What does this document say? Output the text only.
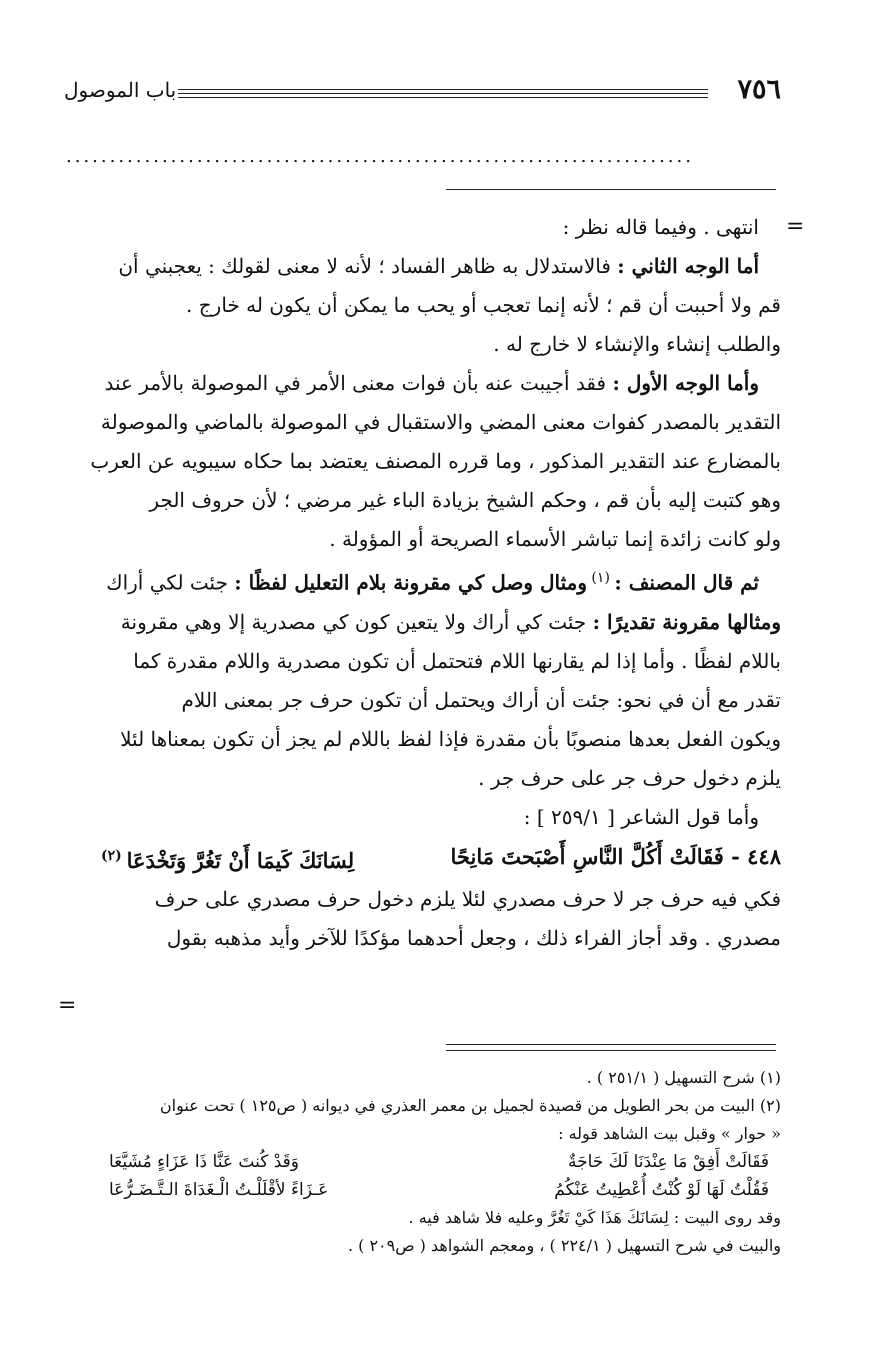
٧٥٦
باب الموصول
........................................................................
=
=
انتهى . وفيما قاله نظر :
أما الوجه الثاني : فالاستدلال به ظاهر الفساد ؛ لأنه لا معنى لقولك : يعجبني أن
قم ولا أحببت أن قم ؛ لأنه إنما تعجب أو يحب ما يمكن أن يكون له خارج .
والطلب إنشاء والإنشاء لا خارج له .
وأما الوجه الأول : فقد أجيبت عنه بأن فوات معنى الأمر في الموصولة بالأمر عند
التقدير بالمصدر كفوات معنى المضي والاستقبال في الموصولة بالماضي والموصولة
بالمضارع عند التقدير المذكور ، وما قرره المصنف يعتضد بما حكاه سيبويه عن العرب
وهو كتبت إليه بأن قم ، وحكم الشيخ بزيادة الباء غير مرضي ؛ لأن حروف الجر
ولو كانت زائدة إنما تباشر الأسماء الصريحة أو المؤولة .
ثم قال المصنف : $^{(١)}$ ومثال وصل كي مقرونة بلام التعليل لفظًا : جئت لكي أراك
ومثالها مقرونة تقديرًا : جئت كي أراك ولا يتعين كون كي مصدرية إلا وهي مقرونة
باللام لفظًا . وأما إذا لم يقارنها اللام فتحتمل أن تكون مصدرية واللام مقدرة كما
تقدر مع أن في نحو: جئت أن أراك ويحتمل أن تكون حرف جر بمعنى اللام
ويكون الفعل بعدها منصوبًا بأن مقدرة فإذا لفظ باللام لم يجز أن تكون بمعناها لئلا
يلزم دخول حرف جر على حرف جر .
وأما قول الشاعر [ ٢٥٩/١ ] :
٤٤٨ - فَقَالَتْ أَكُلَّ النَّاسِ أَصْبَحتَ مَانِحًا
لِسَانَكَ كَيمَا أَنْ تَغُرَّ وَتَخْدَعَا $^{(٢)}$
فكي فيه حرف جر لا حرف مصدري لئلا يلزم دخول حرف مصدري على حرف
مصدري . وقد أجاز الفراء ذلك ، وجعل أحدهما مؤكدًا للآخر وأيد مذهبه بقول
(١) شرح التسهيل ( ٢٥١/١ ) .
(٢) البيت من بحر الطويل من قصيدة لجميل بن معمر العذري في ديوانه ( ص١٢٥ ) تحت عنوان
« حوار » وقبل بيت الشاهد قوله :
فَقَالَتْ أَفِقْ مَا عِنْدَنَا لَكَ حَاجَةٌ
وَقَدْ كُنتَ عَنَّا ذَا عَزَاءٍ مُشَيَّعَا
فَقُلْتُ لَهَا لَوْ كُنْتُ أُعْطِيتُ عَنْكُمُ
عَـزَاءً لأقْلَلْـتُ الْـغَدَاةَ الـتَّـضَـرُّعَا
وقد روى البيت : لِسَانَكَ هَذَا كَيْ تَغُرَّ وعليه فلا شاهد فيه .
والبيت في شرح التسهيل ( ٢٢٤/١ ) ، ومعجم الشواهد ( ص٢٠٩ ) .
